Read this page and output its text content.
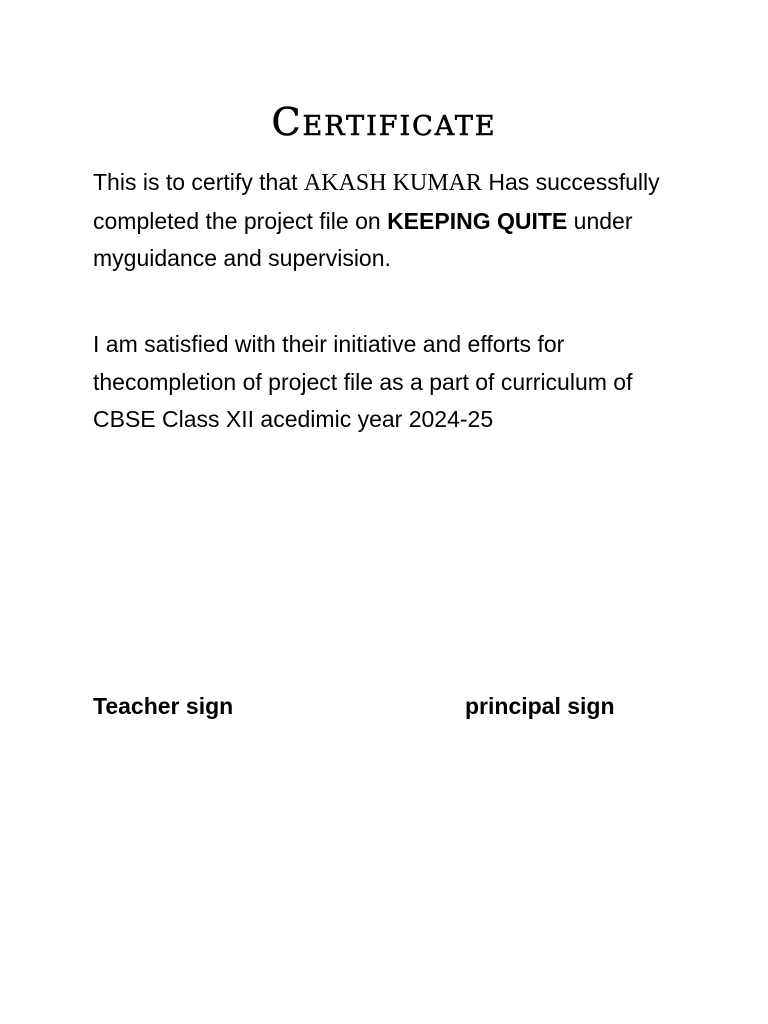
Certificate

This is to certify that AKASH KUMAR Has successfully completed the project file on KEEPING QUITE under myguidance and supervision.

I am satisfied with their initiative and efforts for thecompletion of project file as a part of curriculum of CBSE Class XII acedimic year 2024-25

Teacher sign	principal sign
